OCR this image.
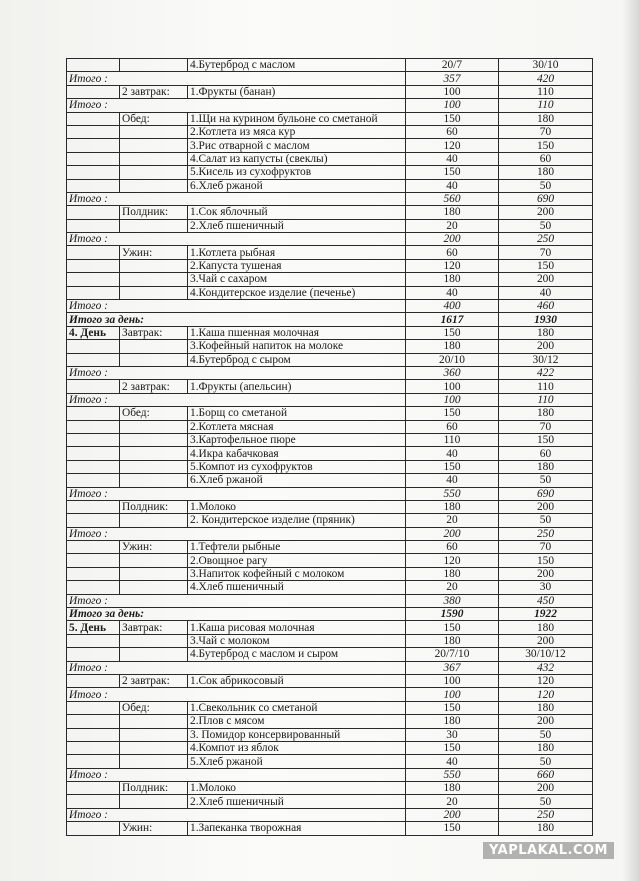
		4.Бутерброд с маслом	20/7	30/10
Итого :			357	420
	2 завтрак:	1.Фрукты (банан)	100	110
Итого :			100	110
	Обед:	1.Щи на курином бульоне со сметаной	150	180
		2.Котлета из мяса кур	60	70
		3.Рис отварной с маслом	120	150
		4.Салат из капусты (свеклы)	40	60
		5.Кисель из сухофруктов	150	180
		6.Хлеб ржаной	40	50
Итого :			560	690
	Полдник:	1.Сок яблочный	180	200
		2.Хлеб пшеничный	20	50
Итого :			200	250
	Ужин:	1.Котлета рыбная	60	70
		2.Капуста тушеная	120	150
		3.Чай с сахаром	180	200
		4.Кондитерское изделие (печенье)	40	40
Итого :			400	460
Итого за день:			1617	1930
4. День	Завтрак:	1.Каша пшенная молочная	150	180
		3.Кофейный напиток на молоке	180	200
		4.Бутерброд с сыром	20/10	30/12
Итого :			360	422
	2 завтрак:	1.Фрукты (апельсин)	100	110
Итого :			100	110
	Обед:	1.Борщ со сметаной	150	180
		2.Котлета мясная	60	70
		3.Картофельное пюре	110	150
		4.Икра кабачковая	40	60
		5.Компот из сухофруктов	150	180
		6.Хлеб ржаной	40	50
Итого :			550	690
	Полдник:	1.Молоко	180	200
		2. Кондитерское изделие (пряник)	20	50
Итого :			200	250
	Ужин:	1.Тефтели рыбные	60	70
		2.Овощное рагу	120	150
		3.Напиток кофейный с молоком	180	200
		4.Хлеб пшеничный	20	30
Итого :			380	450
Итого за день:			1590	1922
5. День	Завтрак:	1.Каша рисовая молочная	150	180
		3.Чай с молоком	180	200
		4.Бутерброд с маслом и сыром	20/7/10	30/10/12
Итого :			367	432
	2 завтрак:	1.Сок абрикосовый	100	120
Итого :			100	120
	Обед:	1.Свекольник со сметаной	150	180
		2.Плов с мясом	180	200
		3. Помидор консервированный	30	50
		4.Компот из яблок	150	180
		5.Хлеб ржаной	40	50
Итого :			550	660
	Полдник:	1.Молоко	180	200
		2.Хлеб пшеничный	20	50
Итого :			200	250
	Ужин:	1.Запеканка творожная	150	180
YAPLAKAL.COM
